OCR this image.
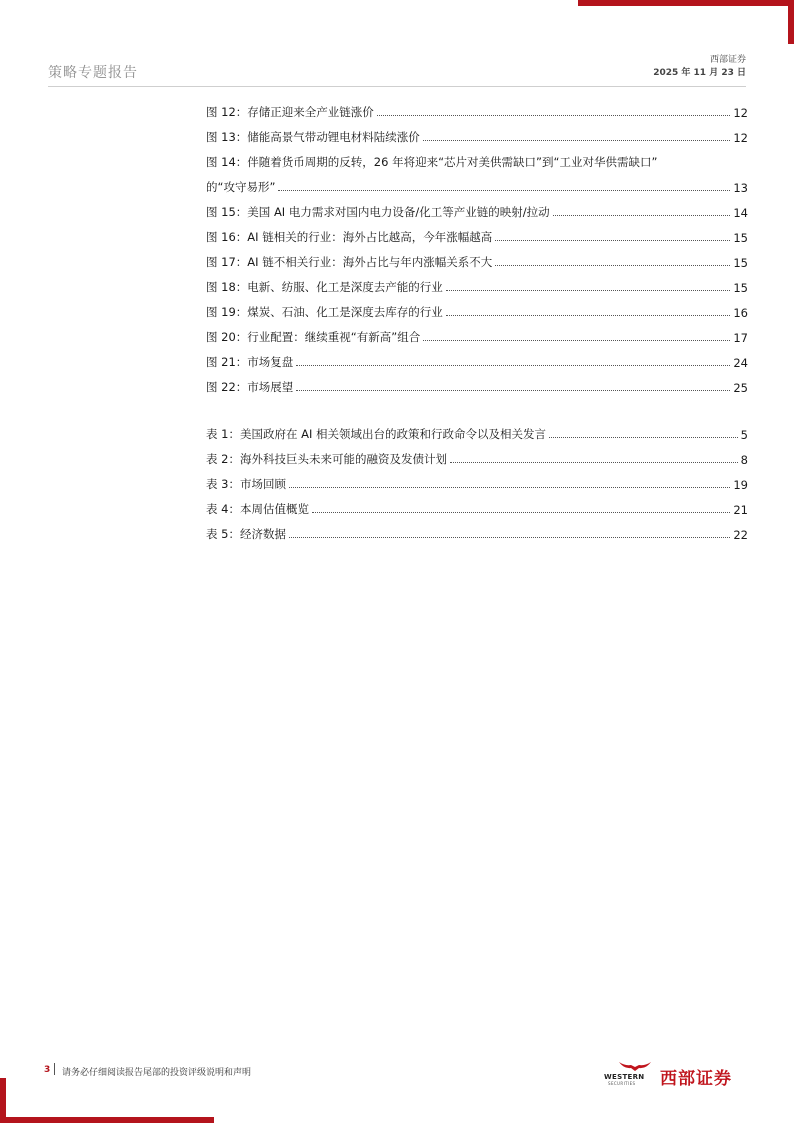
策略专题报告
西部证券
2025 年 11 月 23 日
图 12：存储正迎来全产业链涨价	12
图 13：储能高景气带动锂电材料陆续涨价	12
图 14：伴随着货币周期的反转，26 年将迎来“芯片对美供需缺口”到“工业对华供需缺口”
的“攻守易形”	13
图 15：美国 AI 电力需求对国内电力设备/化工等产业链的映射/拉动	14
图 16：AI 链相关的行业：海外占比越高，今年涨幅越高	15
图 17：AI 链不相关行业：海外占比与年内涨幅关系不大	15
图 18：电新、纺服、化工是深度去产能的行业	15
图 19：煤炭、石油、化工是深度去库存的行业	16
图 20：行业配置：继续重视“有新高”组合	17
图 21：市场复盘	24
图 22：市场展望	25
表 1：美国政府在 AI 相关领域出台的政策和行政命令以及相关发言	5
表 2：海外科技巨头未来可能的融资及发债计划	8
表 3：市场回顾	19
表 4：本周估值概览	21
表 5：经济数据	22
3 请务必仔细阅读报告尾部的投资评级说明和声明	WESTERN
SECURITIES 西部证券
